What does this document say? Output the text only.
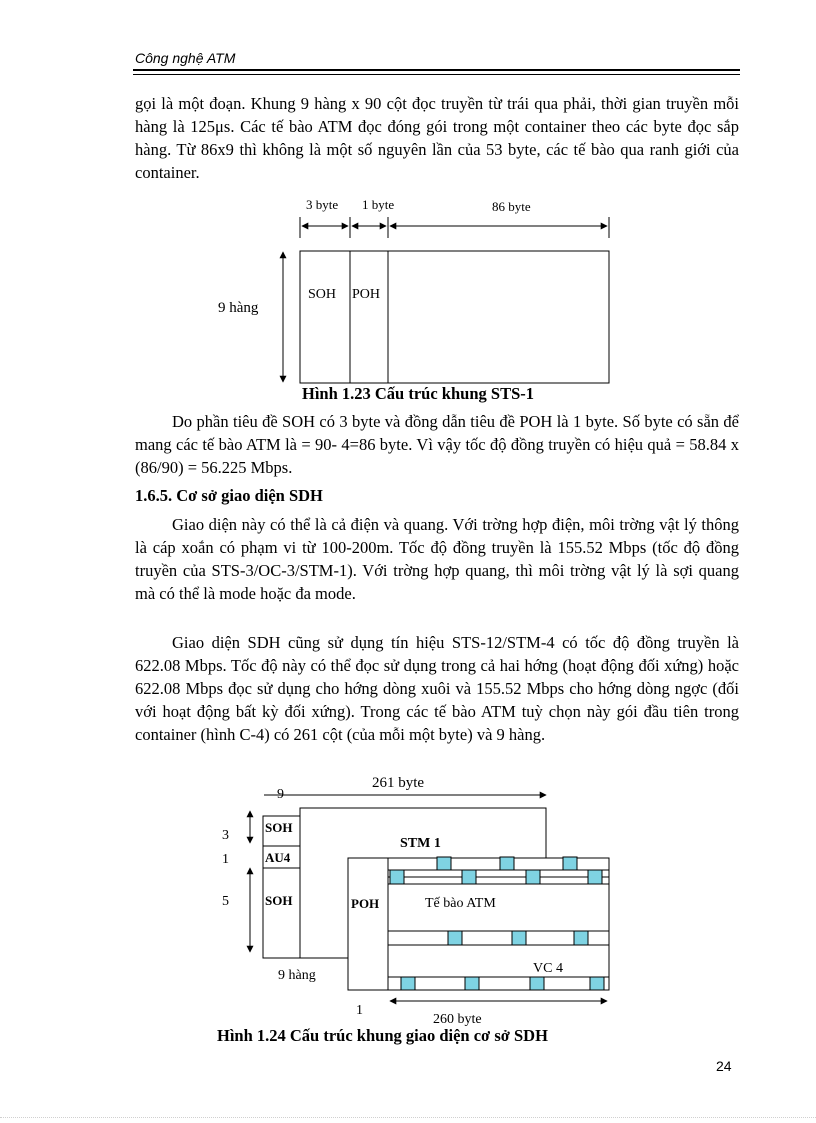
Công nghệ ATM

gọi là một đoạn. Khung 9 hàng x 90 cột đọc truyền từ trái qua phải, thời gian truyền mỗi hàng là 125μs. Các tế bào ATM đọc đóng gói trong một container theo các byte đọc sắp hàng. Từ 86x9 thì không là một số nguyên lần của 53 byte, các tế bào qua ranh giới của container.

3 byte 1 byte	86 byte
9 hàng
SOH POH
Hình 1.23 Cấu trúc khung STS-1

Do phần tiêu đề SOH có 3 byte và đồng dẫn tiêu đề POH là 1 byte. Số byte có sẵn để mang các tế bào ATM là = 90- 4=86 byte. Vì vậy tốc độ đồng truyền có hiệu quả = 58.84 x (86/90) = 56.225 Mbps.

1.6.5. Cơ sở giao diện SDH

Giao diện này có thể là cả điện và quang. Với trờng hợp điện, môi trờng vật lý thông là cáp xoắn có phạm vi từ 100-200m. Tốc độ đồng truyền là 155.52 Mbps (tốc độ đồng truyền của STS-3/OC-3/STM-1). Với trờng hợp quang, thì môi trờng vật lý là sợi quang mà có thể là mode hoặc đa mode.

Giao diện SDH cũng sử dụng tín hiệu STS-12/STM-4 có tốc độ đồng truyền là 622.08 Mbps. Tốc độ này có thể đọc sử dụng trong cả hai hớng (hoạt động đối xứng) hoặc 622.08 Mbps đọc sử dụng cho hớng dòng xuôi và 155.52 Mbps cho hớng dòng ngợc (đối với hoạt động bất kỳ đối xứng). Trong các tế bào ATM tuỳ chọn này gói đầu tiên trong container (hình C-4) có 261 cột (của mỗi một byte) và 9 hàng.

261 byte
9
3
1
5
SOH
AU4
SOH
STM 1
POH	Tế bào ATM
VC 4
9 hàng
1
260 byte
Hình 1.24 Cấu trúc khung giao diện cơ sở SDH
24
